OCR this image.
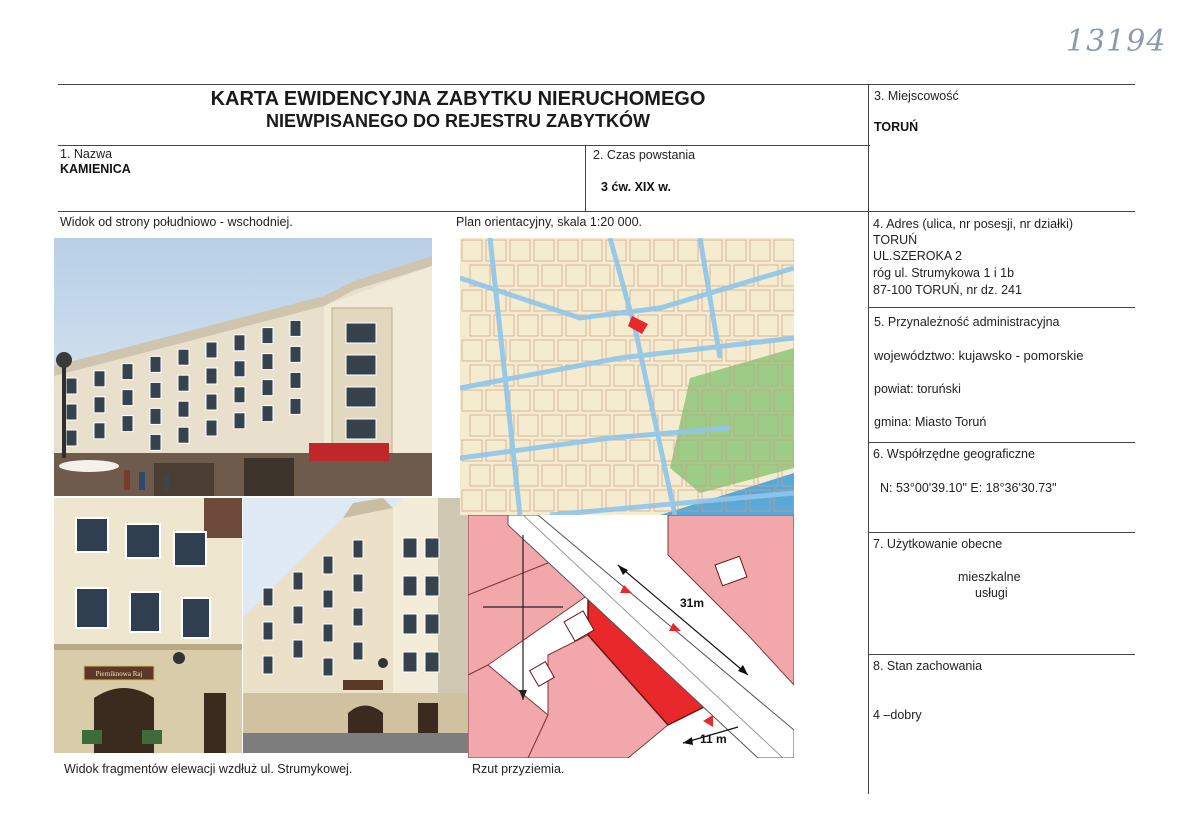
13194
KARTA EWIDENCYJNA ZABYTKU NIERUCHOMEGO
NIEWPISANEGO DO REJESTRU ZABYTKÓW
3. Miejscowość
TORUŃ
1. Nazwa
KAMIENICA
2. Czas powstania
3 ćw. XIX w.
Widok od strony południowo - wschodniej.	Plan orientacyjny, skala 1:20 000.	4. Adres (ulica, nr posesji, nr działki)
TORUŃ
UL.SZEROKA 2
róg ul. Strumykowa 1 i 1b
87-100 TORUŃ, nr dz. 241
5. Przynależność administracyjna
województwo: kujawsko - pomorskie
powiat: toruński
gmina: Miasto Toruń
6. Współrzędne geograficzne
N: 53°00'39.10" E: 18°36'30.73"
7. Użytkowanie obecne
mieszkalne
usługi
8. Stan zachowania
4 –dobry
Pierniknowa Raj
31m
11 m
Widok fragmentów elewacji wzdłuż ul. Strumykowej.	Rzut przyziemia.
